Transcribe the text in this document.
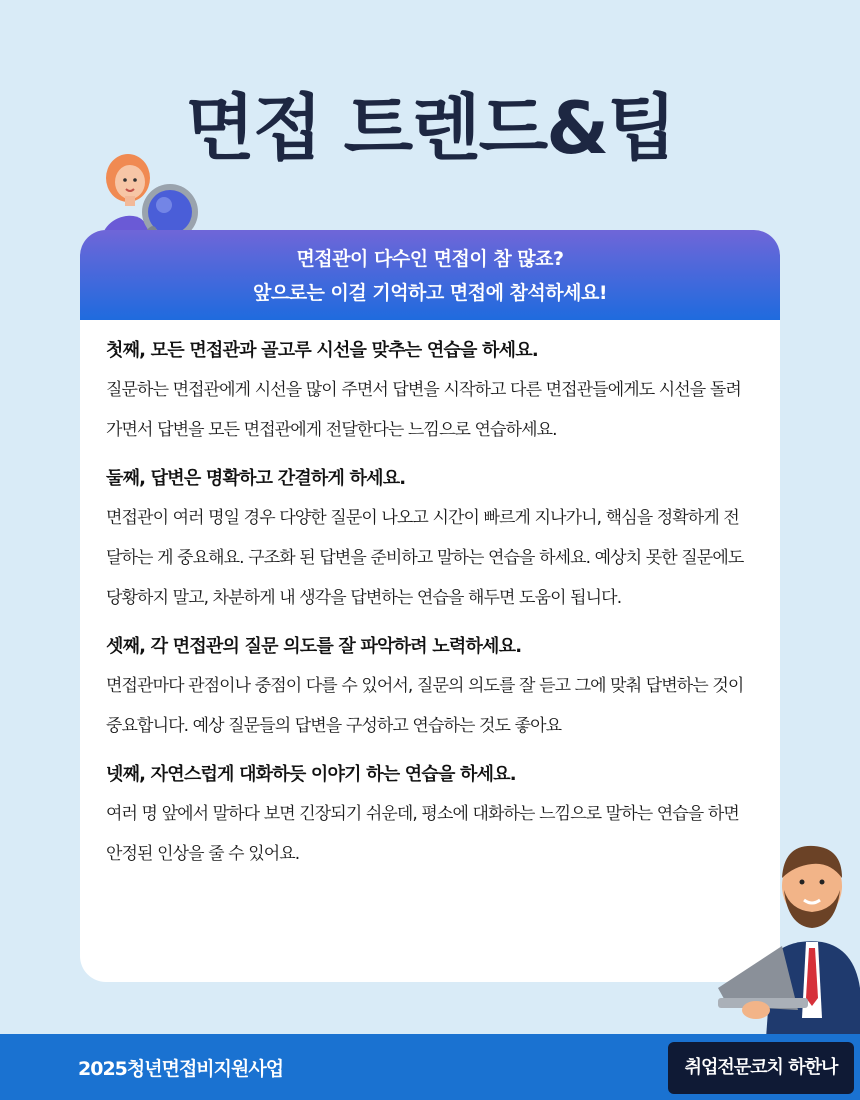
면접 트렌드&팁
면접관이 다수인 면접이 참 많죠?
앞으로는 이걸 기억하고 면접에 참석하세요!
첫째, 모든 면접관과 골고루 시선을 맞추는 연습을 하세요.

질문하는 면접관에게 시선을 많이 주면서 답변을 시작하고 다른 면접관들에게도 시선을 돌려가면서 답변을 모든 면접관에게 전달한다는 느낌으로 연습하세요.

둘째, 답변은 명확하고 간결하게 하세요.

면접관이 여러 명일 경우 다양한 질문이 나오고 시간이 빠르게 지나가니, 핵심을 정확하게 전달하는 게 중요해요. 구조화 된 답변을 준비하고 말하는 연습을 하세요. 예상치 못한 질문에도 당황하지 말고, 차분하게 내 생각을 답변하는 연습을 해두면 도움이 됩니다.

셋째, 각 면접관의 질문 의도를 잘 파악하려 노력하세요.

면접관마다 관점이나 중점이 다를 수 있어서, 질문의 의도를 잘 듣고 그에 맞춰 답변하는 것이 중요합니다. 예상 질문들의 답변을 구성하고 연습하는 것도 좋아요

넷째, 자연스럽게 대화하듯 이야기 하는 연습을 하세요.

여러 명 앞에서 말하다 보면 긴장되기 쉬운데, 평소에 대화하는 느낌으로 말하는 연습을 하면 안정된 인상을 줄 수 있어요.

2025청년면접비지원사업	취업전문코치 하한나
